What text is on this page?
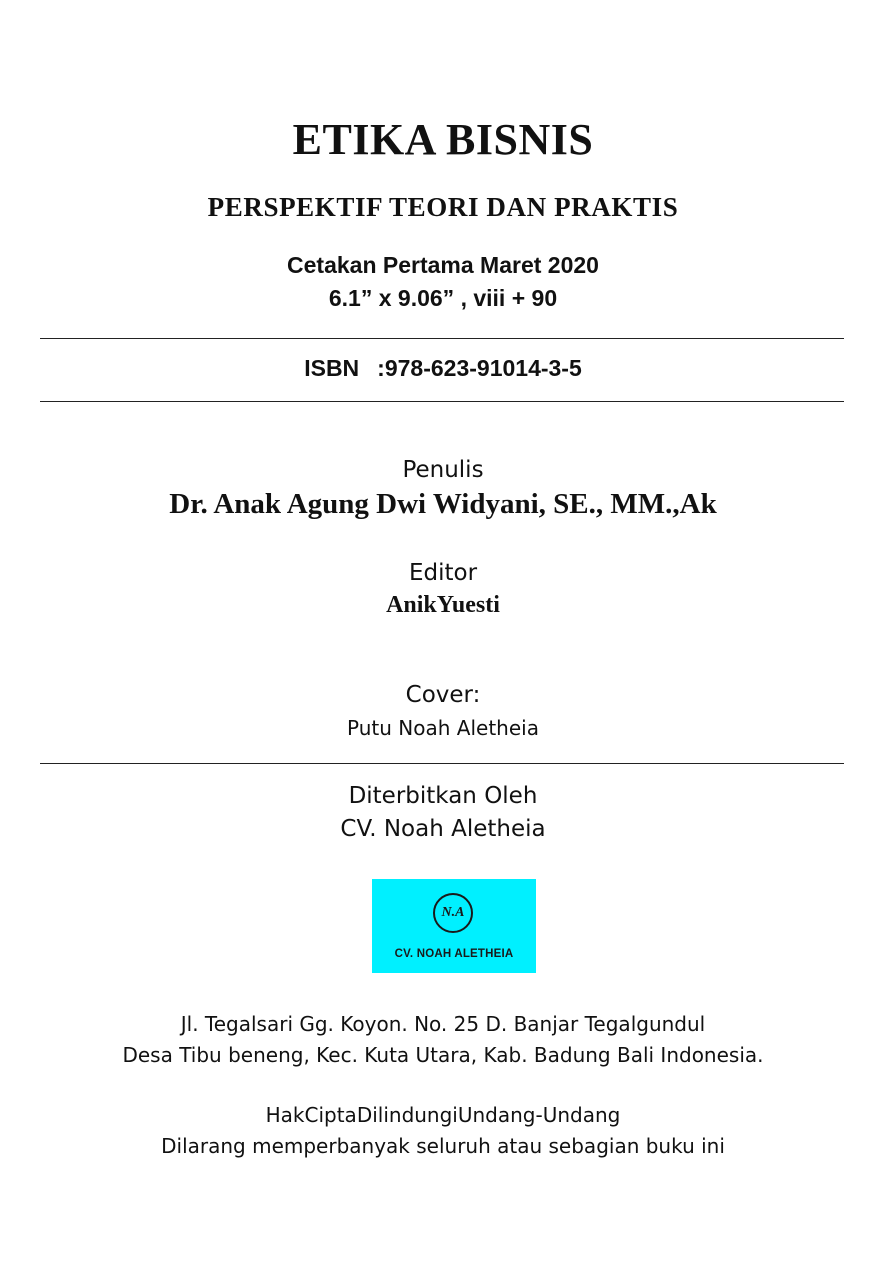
ETIKA BISNIS
PERSPEKTIF TEORI DAN PRAKTIS
Cetakan Pertama Maret 2020
6.1” x 9.06” , viii + 90
ISBN :978-623-91014-3-5
Penulis
Dr. Anak Agung Dwi Widyani, SE., MM.,Ak
Editor
AnikYuesti
Cover:
Putu Noah Aletheia
Diterbitkan Oleh
CV. Noah Aletheia
N.A
CV. NOAH ALETHEIA
Jl. Tegalsari Gg. Koyon. No. 25 D. Banjar Tegalgundul
Desa Tibu beneng, Kec. Kuta Utara, Kab. Badung Bali Indonesia.
HakCiptaDilindungiUndang-Undang
Dilarang memperbanyak seluruh atau sebagian buku ini
